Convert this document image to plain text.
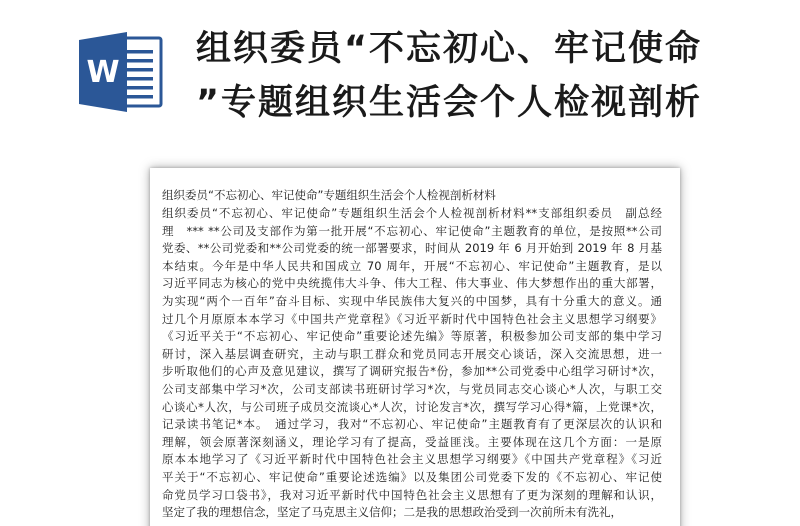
W
组织委员“不忘初心、牢记使命
”专题组织生活会个人检视剖析
组织委员“不忘初心、牢记使命”专题组织生活会个人检视剖析材料
组织委员“不忘初心、牢记使命”专题组织生活会个人检视剖析材料**支部组织委员　副总经
理　*** **公司及支部作为第一批开展“不忘初心、牢记使命”主题教育的单位，是按照**公司
党委、**公司党委和**公司党委的统一部署要求，时间从 2019 年 6 月开始到 2019 年 8 月基
本结束。今年是中华人民共和国成立 70 周年，开展“不忘初心、牢记使命”主题教育，是以
习近平同志为核心的党中央统揽伟大斗争、伟大工程、伟大事业、伟大梦想作出的重大部署，
为实现“两个一百年”奋斗目标、实现中华民族伟大复兴的中国梦，具有十分重大的意义。通
过几个月原原本本学习《中国共产党章程》《习近平新时代中国特色社会主义思想学习纲要》
《习近平关于“不忘初心、牢记使命”重要论述先编》等原著，积极参加公司支部的集中学习
研讨，深入基层调查研究，主动与职工群众和党员同志开展交心谈话，深入交流思想，进一
步听取他们的心声及意见建议，撰写了调研究报告*份，参加**公司党委中心组学习研讨*次，
公司支部集中学习*次，公司支部读书班研讨学习*次，与党员同志交心谈心*人次，与职工交
心谈心*人次，与公司班子成员交流谈心*人次，讨论发言*次，撰写学习心得*篇，上党课*次，
记录读书笔记*本。　通过学习，我对“不忘初心、牢记使命”主题教育有了更深层次的认识和
理解，领会原著深刻涵义，理论学习有了提高，受益匪浅。主要体现在这几个方面：一是原
原本本地学习了《习近平新时代中国特色社会主义思想学习纲要》《中国共产党章程》《习近
平关于“不忘初心、牢记使命”重要论述选编》以及集团公司党委下发的《不忘初心、牢记使
命党员学习口袋书》，我对习近平新时代中国特色社会主义思想有了更为深刻的理解和认识，
坚定了我的理想信念，坚定了马克思主义信仰；二是我的思想政治受到一次前所未有洗礼，
